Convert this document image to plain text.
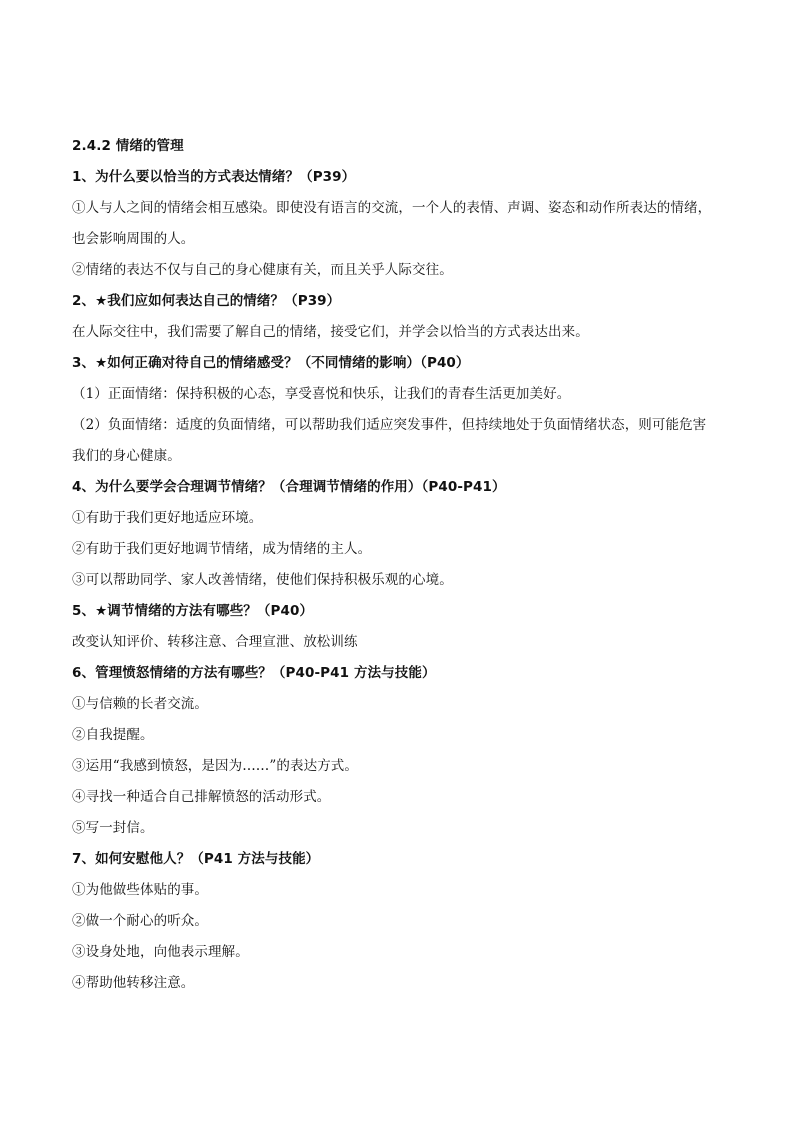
2.4.2 情绪的管理
1、为什么要以恰当的方式表达情绪？（P39）
①人与人之间的情绪会相互感染。即使没有语言的交流，一个人的表情、声调、姿态和动作所表达的情绪，
也会影响周围的人。
②情绪的表达不仅与自己的身心健康有关，而且关乎人际交往。
2、★我们应如何表达自己的情绪？（P39）
在人际交往中，我们需要了解自己的情绪，接受它们，并学会以恰当的方式表达出来。
3、★如何正确对待自己的情绪感受？（不同情绪的影响）（P40）
（1）正面情绪：保持积极的心态，享受喜悦和快乐，让我们的青春生活更加美好。
（2）负面情绪：适度的负面情绪，可以帮助我们适应突发事件，但持续地处于负面情绪状态，则可能危害
我们的身心健康。
4、为什么要学会合理调节情绪？（合理调节情绪的作用）（P40-P41）
①有助于我们更好地适应环境。
②有助于我们更好地调节情绪，成为情绪的主人。
③可以帮助同学、家人改善情绪，使他们保持积极乐观的心境。
5、★调节情绪的方法有哪些？（P40）
改变认知评价、转移注意、合理宣泄、放松训练
6、管理愤怒情绪的方法有哪些？（P40-P41 方法与技能）
①与信赖的长者交流。
②自我提醒。
③运用“我感到愤怒，是因为……”的表达方式。
④寻找一种适合自己排解愤怒的活动形式。
⑤写一封信。
7、如何安慰他人？（P41 方法与技能）
①为他做些体贴的事。
②做一个耐心的听众。
③设身处地，向他表示理解。
④帮助他转移注意。
